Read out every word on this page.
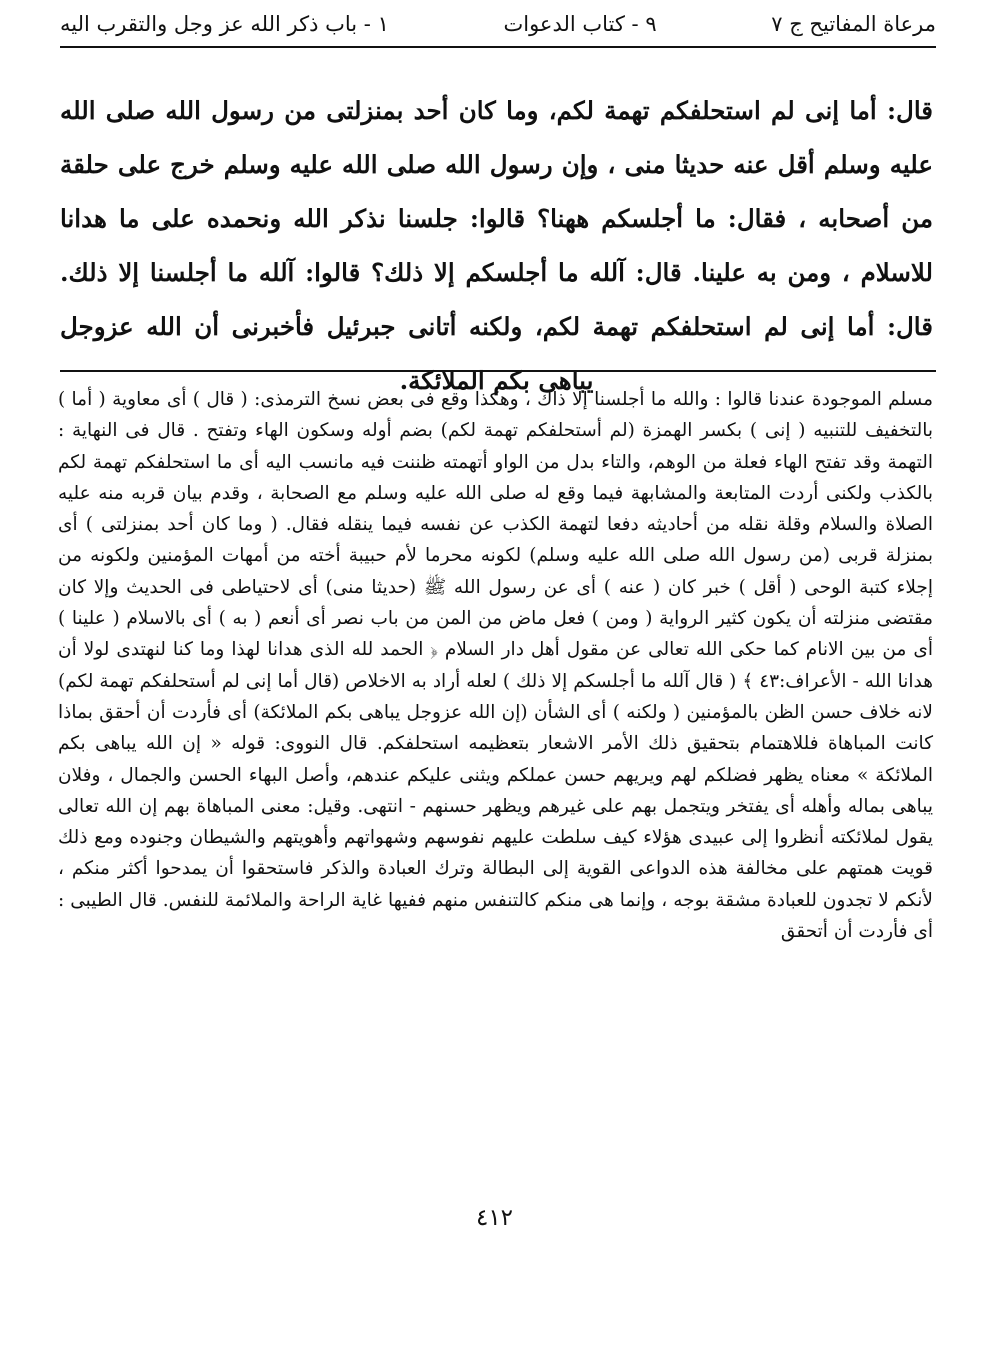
مرعاة المفاتيح ج ٧
٩ - كتاب الدعوات
١ - باب ذكر الله عز وجل والتقرب اليه
قال: أما إنى لم استحلفكم تهمة لكم، وما كان أحد بمنزلتى من رسول الله صلى الله عليه وسلم أقل عنه حديثا منى ، وإن رسول الله صلى الله عليه وسلم خرج على حلقة من أصحابه ، فقال: ما أجلسكم ههنا؟ قالوا: جلسنا نذكر الله ونحمده على ما هدانا للاسلام ، ومن به علينا. قال: آلله ما أجلسكم إلا ذلك؟ قالوا: آلله ما أجلسنا إلا ذلك. قال: أما إنى لم استحلفكم تهمة لكم، ولكنه أتانى جبرئيل فأخبرنى أن الله عزوجل يباهى بكم الملائكة.

مسلم الموجودة عندنا قالوا : والله ما أجلسنا إلا ذاك ، وهكذا وقع فى بعض نسخ الترمذى: ( قال ) أى معاوية ( أما ) بالتخفيف للتنبيه ( إنى ) بكسر الهمزة (لم أستحلفكم تهمة لكم) بضم أوله وسكون الهاء وتفتح . قال فى النهاية : التهمة وقد تفتح الهاء فعلة من الوهم، والتاء بدل من الواو أتهمته ظننت فيه مانسب اليه أى ما استحلفكم تهمة لكم بالكذب ولكنى أردت المتابعة والمشابهة فيما وقع له صلى الله عليه وسلم مع الصحابة ، وقدم بيان قربه منه عليه الصلاة والسلام وقلة نقله من أحاديثه دفعا لتهمة الكذب عن نفسه فيما ينقله فقال. ( وما كان أحد بمنزلتى ) أى بمنزلة قربى (من رسول الله صلى الله عليه وسلم) لكونه محرما لأم حبيبة أخته من أمهات المؤمنين ولكونه من إجلاء كتبة الوحى ( أقل ) خبر كان ( عنه ) أى عن رسول الله ﷺ (حديثا منى) أى لاحتياطى فى الحديث وإلا كان مقتضى منزلته أن يكون كثير الرواية ( ومن ) فعل ماض من المن من باب نصر أى أنعم ( به ) أى بالاسلام ( علينا ) أى من بين الانام كما حكى الله تعالى عن مقول أهل دار السلام ﴿ الحمد لله الذى هدانا لهذا وما كنا لنهتدى لولا أن هدانا الله - الأعراف:٤٣ ﴾ ( قال آلله ما أجلسكم إلا ذلك ) لعله أراد به الاخلاص (قال أما إنى لم أستحلفكم تهمة لكم) لانه خلاف حسن الظن بالمؤمنين ( ولكنه ) أى الشأن (إن الله عزوجل يباهى بكم الملائكة) أى فأردت أن أحقق بماذا كانت المباهاة فللاهتمام بتحقيق ذلك الأمر الاشعار بتعظيمه استحلفكم. قال النووى: قوله « إن الله يباهى بكم الملائكة » معناه يظهر فضلكم لهم ويريهم حسن عملكم ويثنى عليكم عندهم، وأصل البهاء الحسن والجمال ، وفلان يباهى بماله وأهله أى يفتخر ويتجمل بهم على غيرهم ويظهر حسنهم - انتهى. وقيل: معنى المباهاة بهم إن الله تعالى يقول لملائكته أنظروا إلى عبيدى هؤلاء كيف سلطت عليهم نفوسهم وشهواتهم وأهويتهم والشيطان وجنوده ومع ذلك قويت همتهم على مخالفة هذه الدواعى القوية إلى البطالة وترك العبادة والذكر فاستحقوا أن يمدحوا أكثر منكم ، لأنكم لا تجدون للعبادة مشقة بوجه ، وإنما هى منكم كالتنفس منهم ففيها غاية الراحة والملائمة للنفس. قال الطيبى : أى فأردت أن أتحقق

٤١٢
